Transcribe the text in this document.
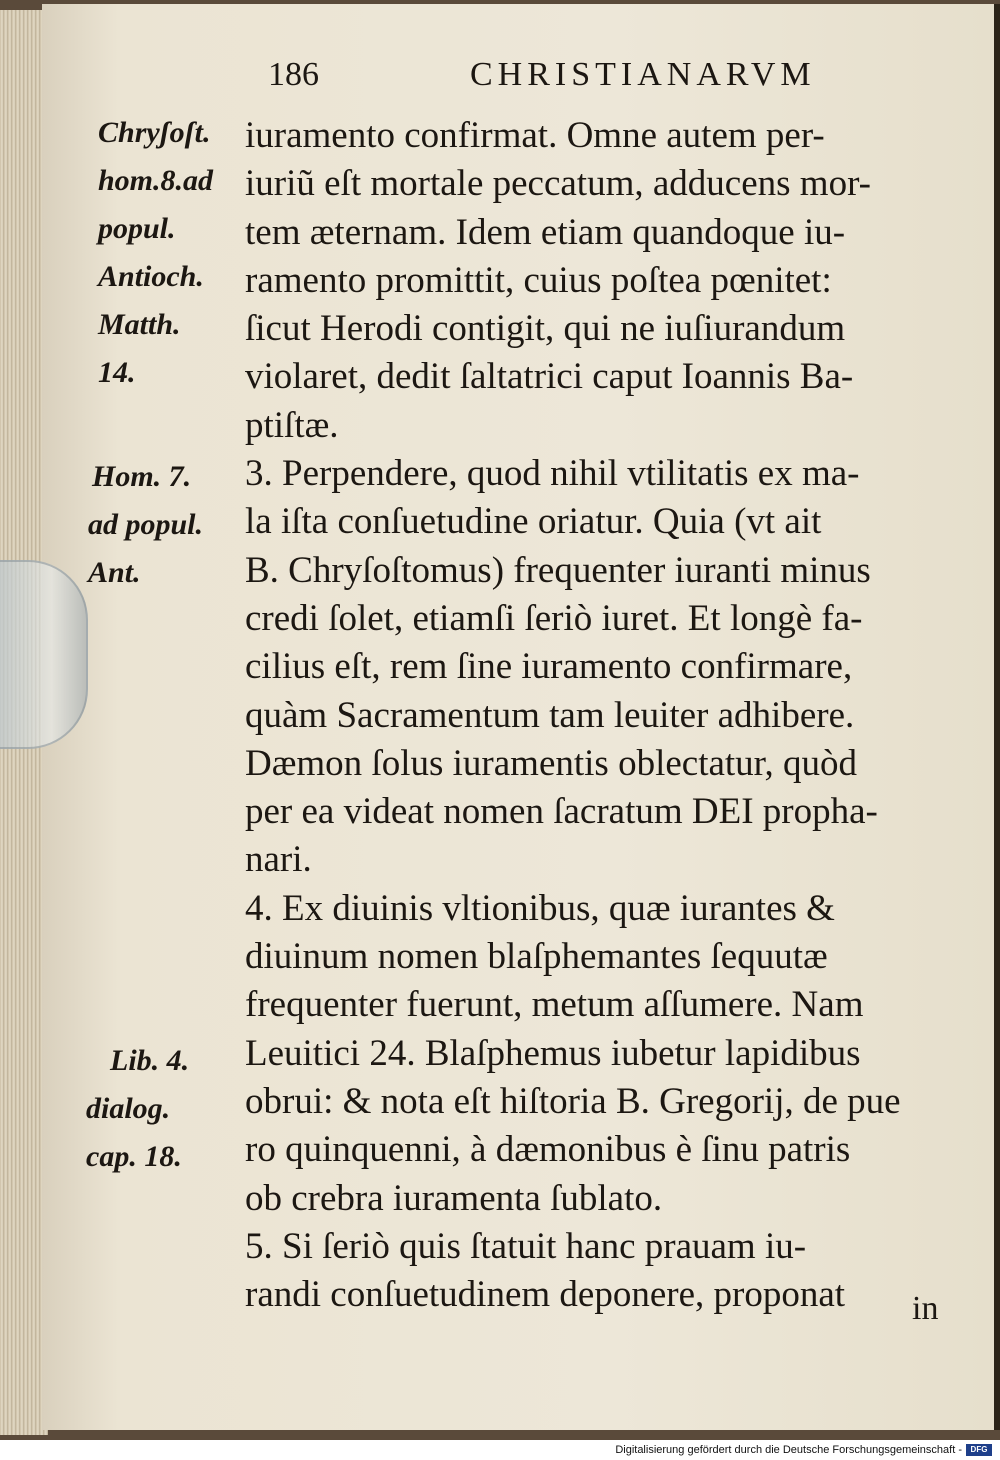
186	CHRISTIANARVM
Chryʃoſt.
hom.8.ad
popul.
Antioch.
Matth.
14.
Hom. 7.
ad popul.
Ant.
Lib. 4.
dialog.
cap. 18.
iuramento confirmat. Omne autem per-
iuriũ eſt mortale peccatum, adducens mor-
tem æternam. Idem etiam quandoque iu-
ramento promittit, cuius poſtea pœnitet:
ſicut Herodi contigit, qui ne iuſiurandum
violaret, dedit ſaltatrici caput Ioannis Ba-
ptiſtæ.
3. Perpendere, quod nihil vtilitatis ex ma-
la iſta conſuetudine oriatur. Quia (vt ait
B. Chryſoſtomus) frequenter iuranti minus
credi ſolet, etiamſi ſeriò iuret. Et longè fa-
cilius eſt, rem ſine iuramento confirmare,
quàm Sacramentum tam leuiter adhibere.
Dæmon ſolus iuramentis oblectatur, quòd
per ea videat nomen ſacratum DEI propha-
nari.
4. Ex diuinis vltionibus, quæ iurantes &
diuinum nomen blaſphemantes ſequutæ
frequenter fuerunt, metum aſſumere. Nam
Leuitici 24. Blaſphemus iubetur lapidibus
obrui: & nota eſt hiſtoria B. Gregorij, de pue
ro quinquenni, à dæmonibus è ſinu patris
ob crebra iuramenta ſublato.
5. Si ſeriò quis ſtatuit hanc prauam iu-
randi conſuetudinem deponere, proponat	in
Digitalisierung gefördert durch die Deutsche Forschungsgemeinschaft -	DFG
